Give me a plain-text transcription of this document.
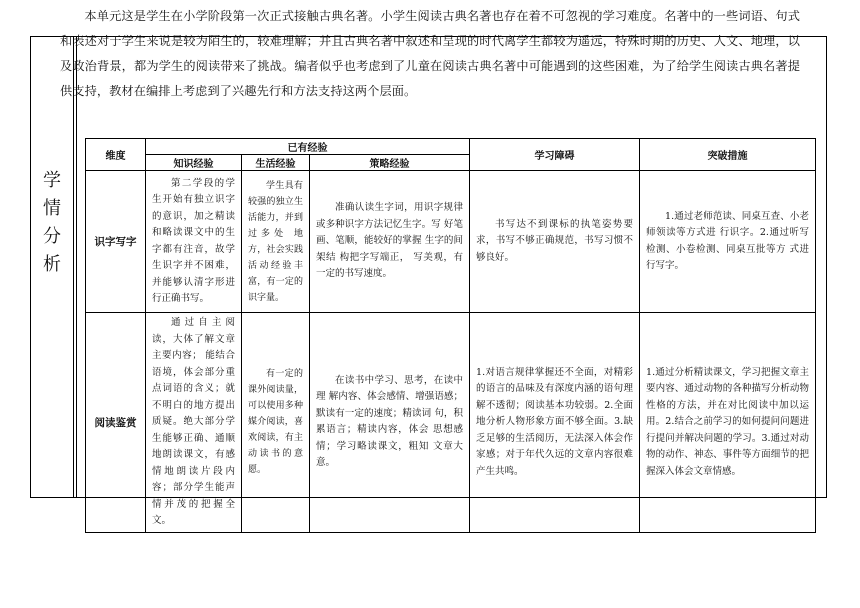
学
情
分
析

本单元这是学生在小学阶段第一次正式接触古典名著。小学生阅读古典名著也存在着不可忽视的学习难度。名著中的一些词语、句式和表述对于学生来说是较为陌生的，较难理解；并且古典名著中叙述和呈现的时代离学生都较为遥远，特殊时期的历史、人文、地理，以及政治背景，都为学生的阅读带来了挑战。编者似乎也考虑到了儿童在阅读古典名著中可能遇到的这些困难，为了给学生阅读古典名著提供支持，教材在编排上考虑到了兴趣先行和方法支持这两个层面。

维度	已有经验			学习障碍	突破措施
	知识经验	生活经验	策略经验		
识字写字	第二学段的学生开始有独立识字的意识，加之精读和略读课文中的生字都有注音，故学生识字并不困难，并能够认清字形进行正确书写。	学生具有较强的独立生活能力，并到过多处 地方，社会实践活动经验丰富，有一定的识字量。	准确认读生字词，用识字规律 或多种识字方法记忆生字。写 好笔画、笔顺，能较好的掌握 生字的间架结 构把字写端正， 写美观，有一定的书写速度。	书写达不到课标的执笔姿势要求，书写不够正确规范，书写习惯不够良好。	1.通过老师范读、同桌互查、小老师领读等方式进 行识字。2.通过听写检测、小卷检测、同桌互批等方 式进行写字。
阅读鉴赏	通过自主阅读，大体了解文章主要内容； 能结合语境，体会部分重点词语的含义；就不明白的地方提出质疑。绝大部分学生能够正确、通顺地朗读课文，有感情地朗读片段内容；部分学生能声情并茂的把握全文。	有一定的课外阅读量，可以使用多种媒介阅读，喜欢阅读，有主动读书的意愿。	在读书中学习、思考，在读中理 解内容、体会感情、增强语感；默读有一定的速度；精读词 句，积累语言；精读内容，体会 思想感情；学习略读课文，粗知 文章大意。	1.对语言规律掌握还不全面，对精彩的语言的品味及有深度内涵的语句理解不透彻；阅读基本功较弱。2.全面地分析人物形象方面不够全面。3.缺乏足够的生活阅历，无法深入体会作家感；对于年代久远的文章内容很难产生共鸣。	1.通过分析精读课文，学习把握文章主要内容、通过动物的各种描写分析动物性格的方法，并在对比阅读中加以运用。2.结合之前学习的如何提问问题进行提问并解决问题的学习。3.通过对动物的动作、神态、事件等方面细节的把握深入体会文章情感。
